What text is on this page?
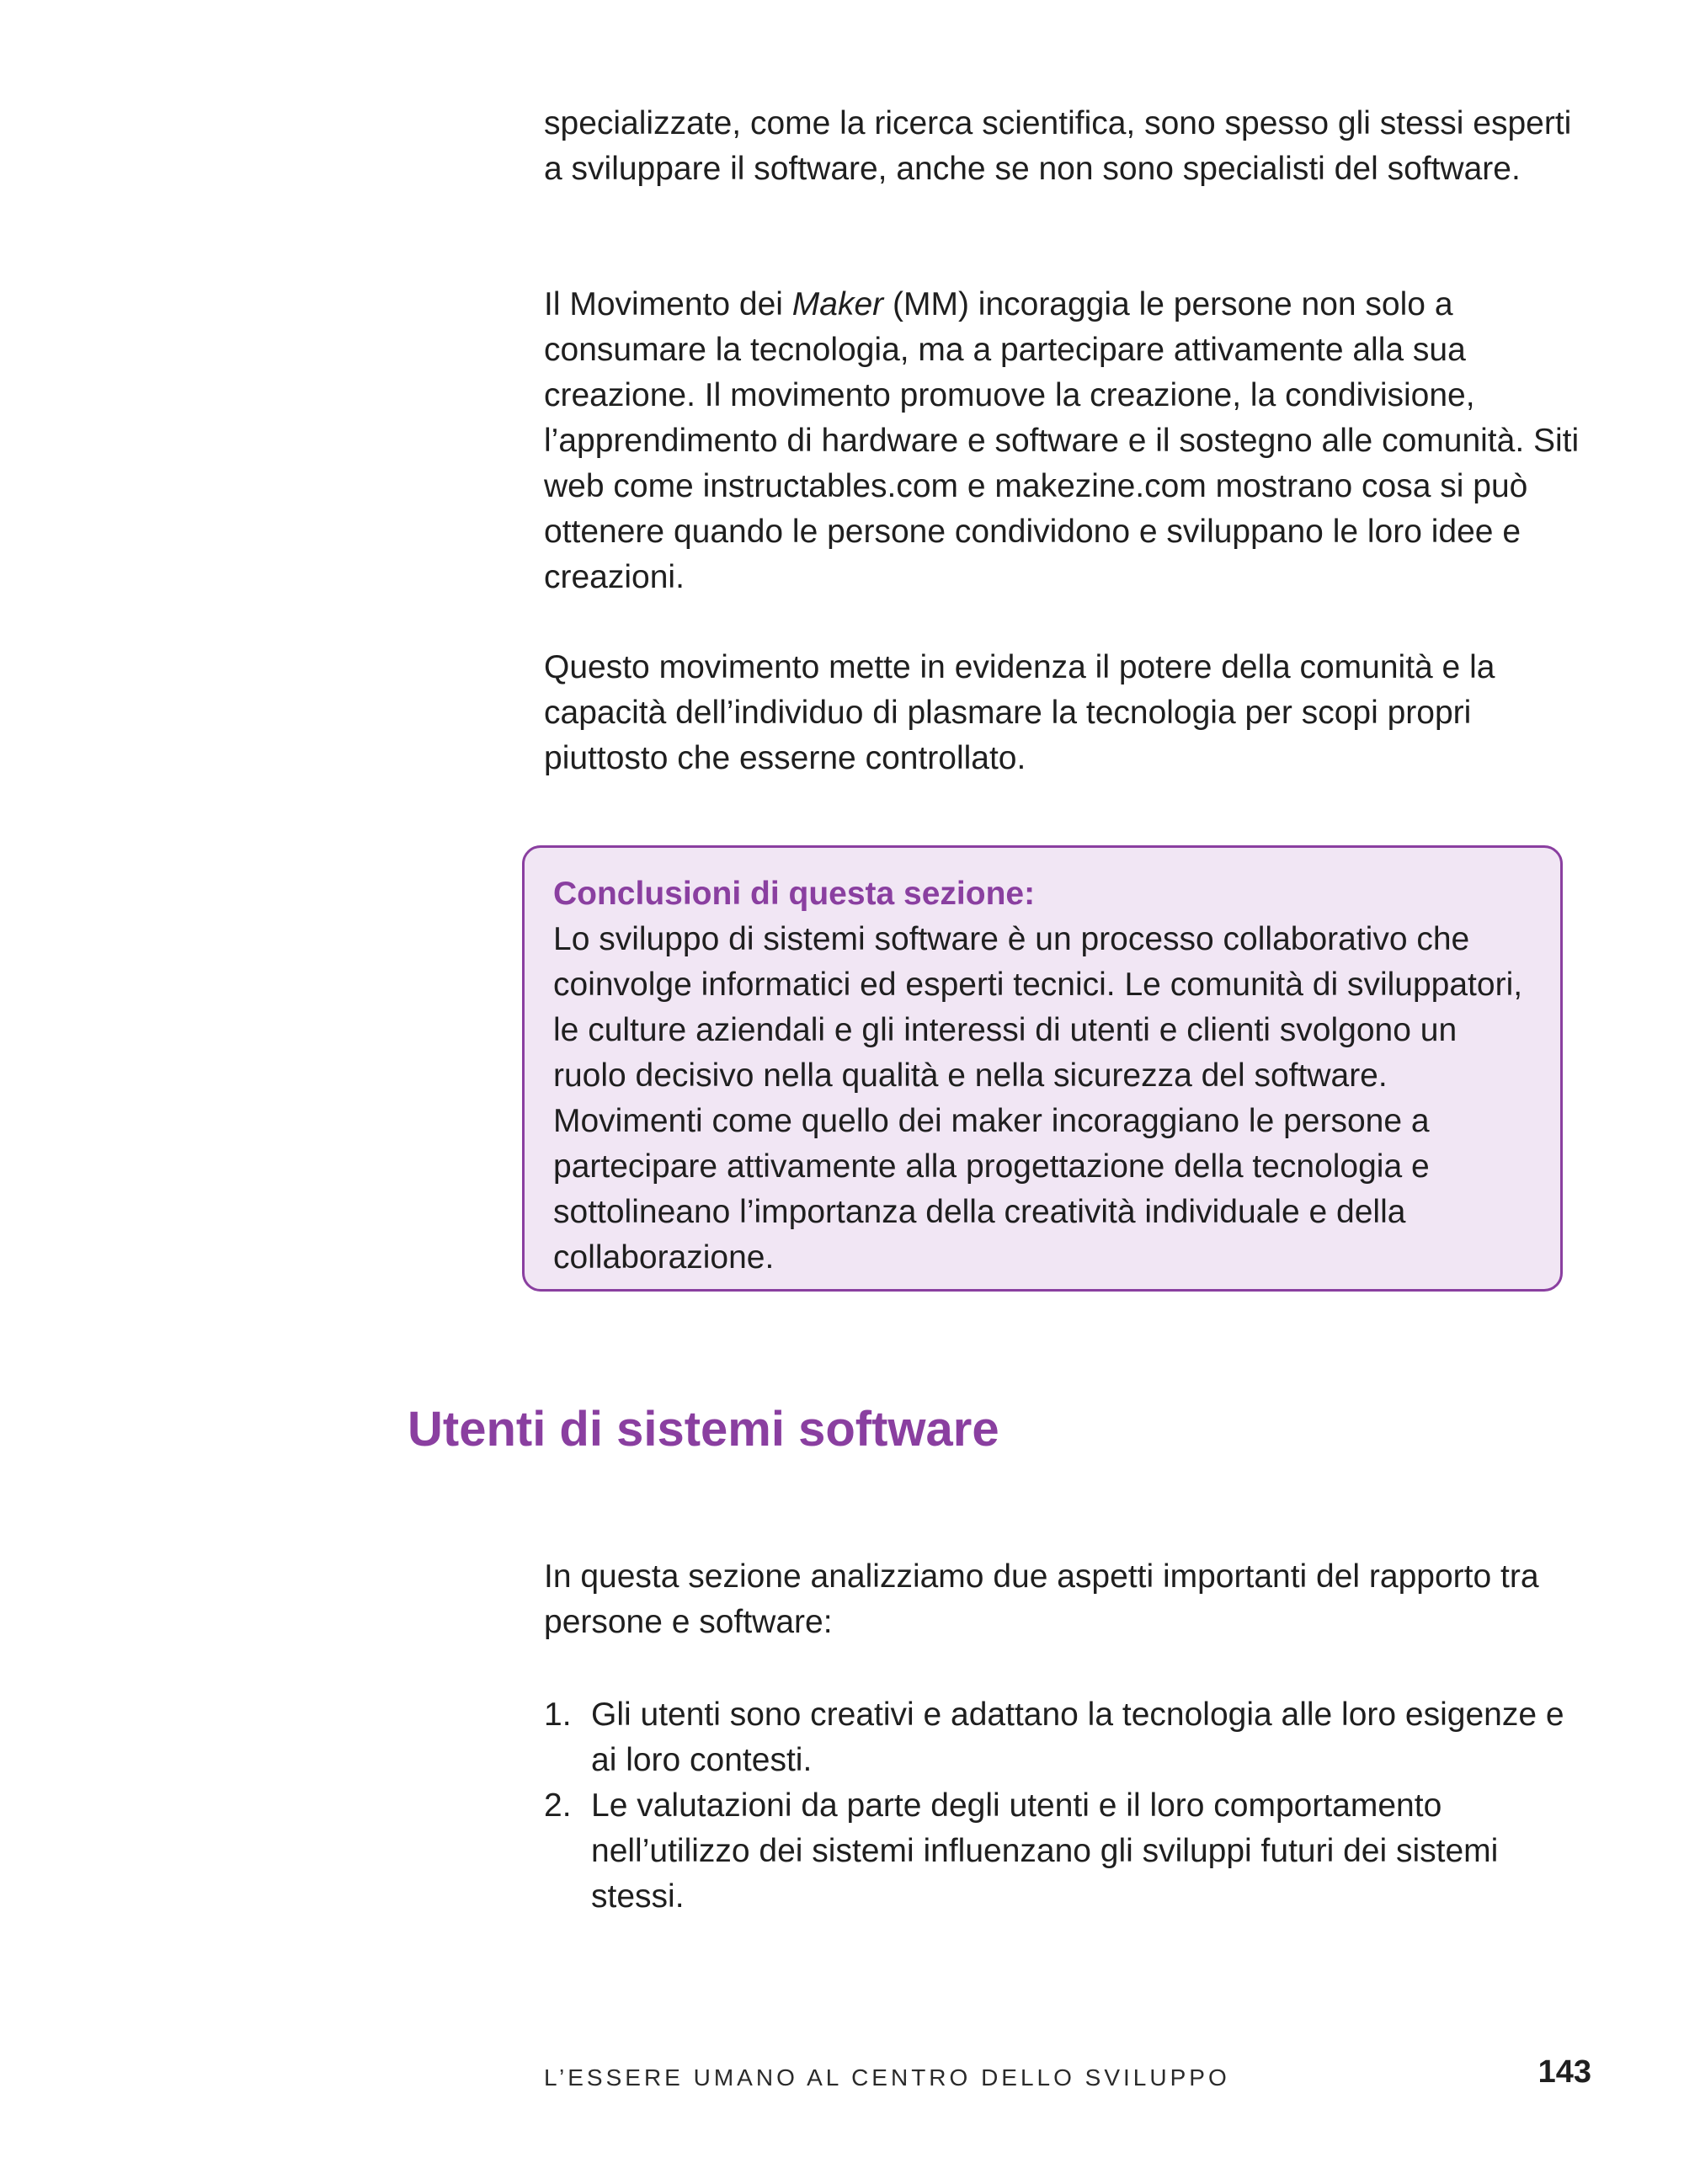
specializzate, come la ricerca scientifica, sono spesso gli stessi esperti a sviluppare il software, anche se non sono specialisti del software.

Il Movimento dei Maker (MM) incoraggia le persone non solo a consumare la tecnologia, ma a partecipare attivamente alla sua creazione. Il movimento promuove la creazione, la condivisione, l’apprendimento di hardware e software e il sostegno alle comunità. Siti web come instructables.com e makezine.com mostrano cosa si può ottenere quando le persone condividono e sviluppano le loro idee e creazioni.

Questo movimento mette in evidenza il potere della comunità e la capacità dell’individuo di plasmare la tecnologia per scopi propri piuttosto che esserne controllato.

Conclusioni di questa sezione:

Lo sviluppo di sistemi software è un processo collaborativo che coinvolge informatici ed esperti tecnici. Le comunità di sviluppatori, le culture aziendali e gli interessi di utenti e clienti svolgono un ruolo decisivo nella qualità e nella sicurezza del software. Movimenti come quello dei maker incoraggiano le persone a partecipare attivamente alla progettazione della tecnologia e sottolineano l’importanza della creatività individuale e della collaborazione.

Utenti di sistemi software

In questa sezione analizziamo due aspetti importanti del rapporto tra persone e software:

1. Gli utenti sono creativi e adattano la tecnologia alle loro esigenze e ai loro contesti.
2. Le valutazioni da parte degli utenti e il loro comportamento nell’utilizzo dei sistemi influenzano gli sviluppi futuri dei sistemi stessi.

L’ESSERE UMANO AL CENTRO DELLO SVILUPPO	143
